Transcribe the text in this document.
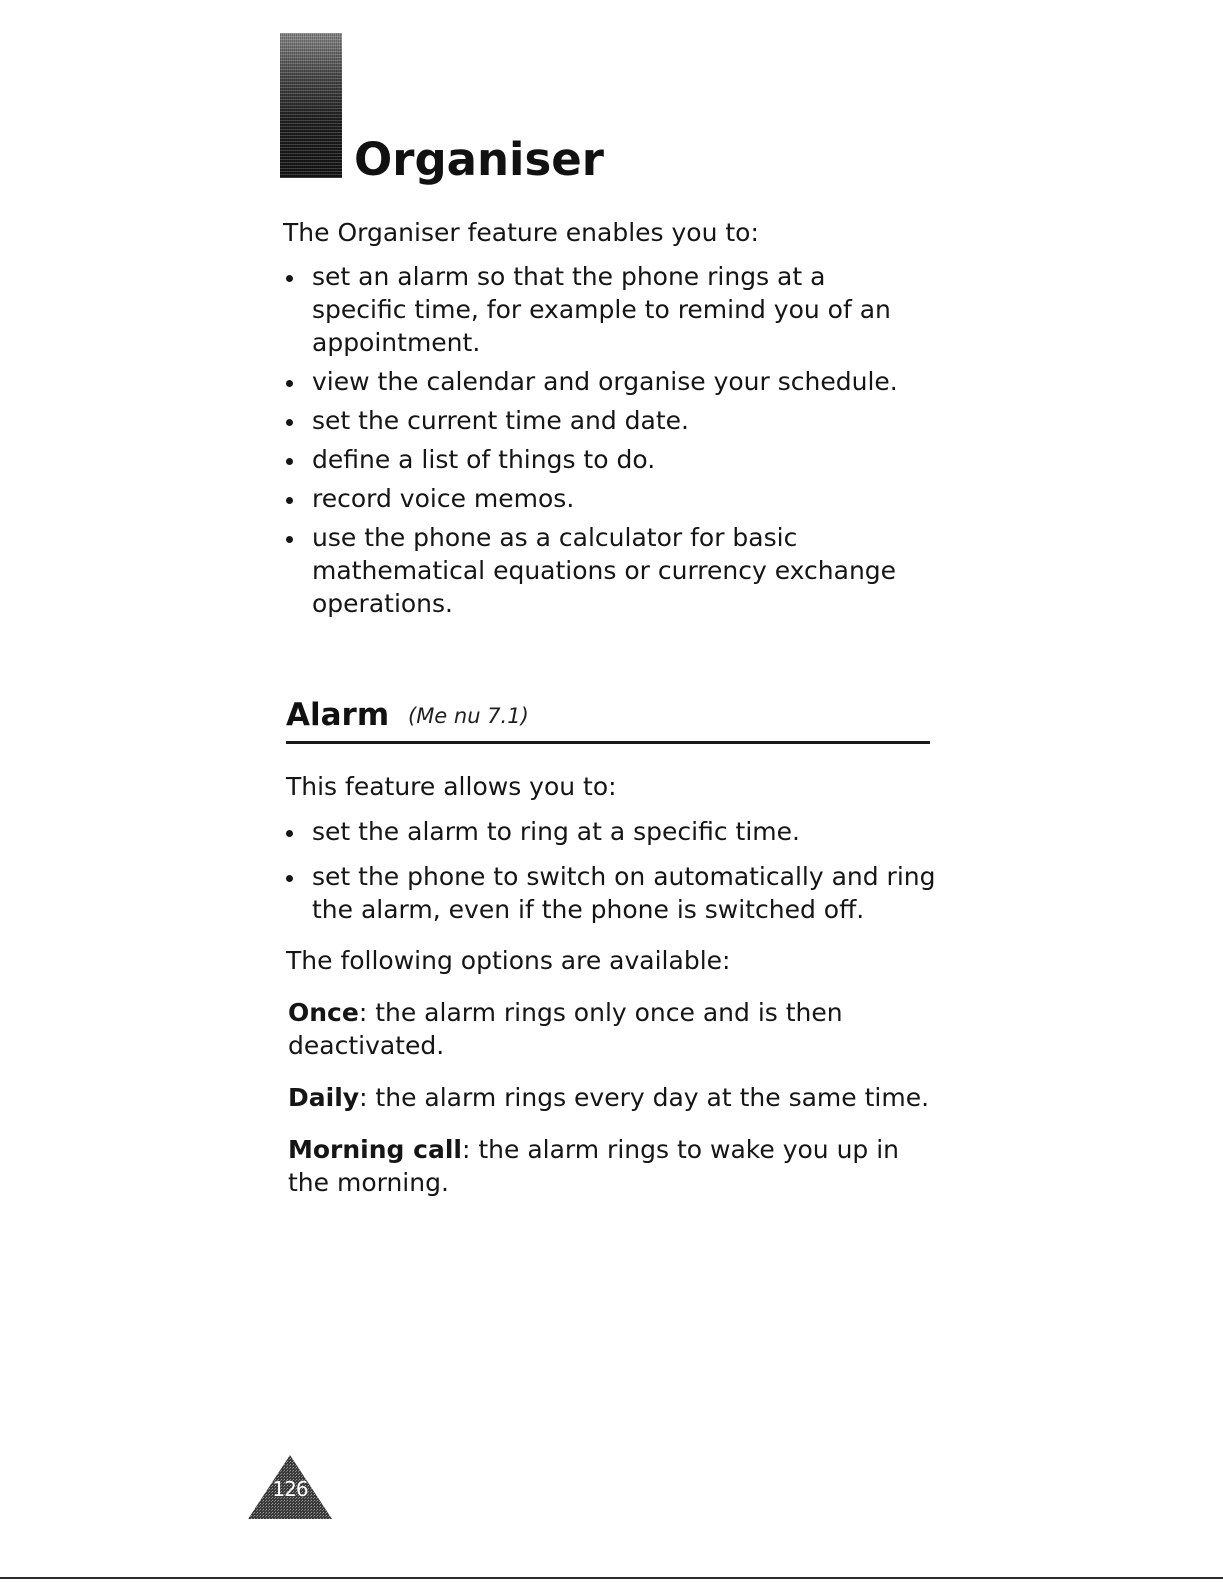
Organiser

The Organiser feature enables you to:

set an alarm so that the phone rings at a specific time, for example to remind you of an appointment.
view the calendar and organise your schedule.
set the current time and date.
define a list of things to do.
record voice memos.
use the phone as a calculator for basic mathematical equations or currency exchange operations.
Alarm (Me nu 7.1)

This feature allows you to:

set the alarm to ring at a specific time.
set the phone to switch on automatically and ring the alarm, even if the phone is switched off.

The following options are available:

Once: the alarm rings only once and is then deactivated.

Daily: the alarm rings every day at the same time.

Morning call: the alarm rings to wake you up in the morning.

126
